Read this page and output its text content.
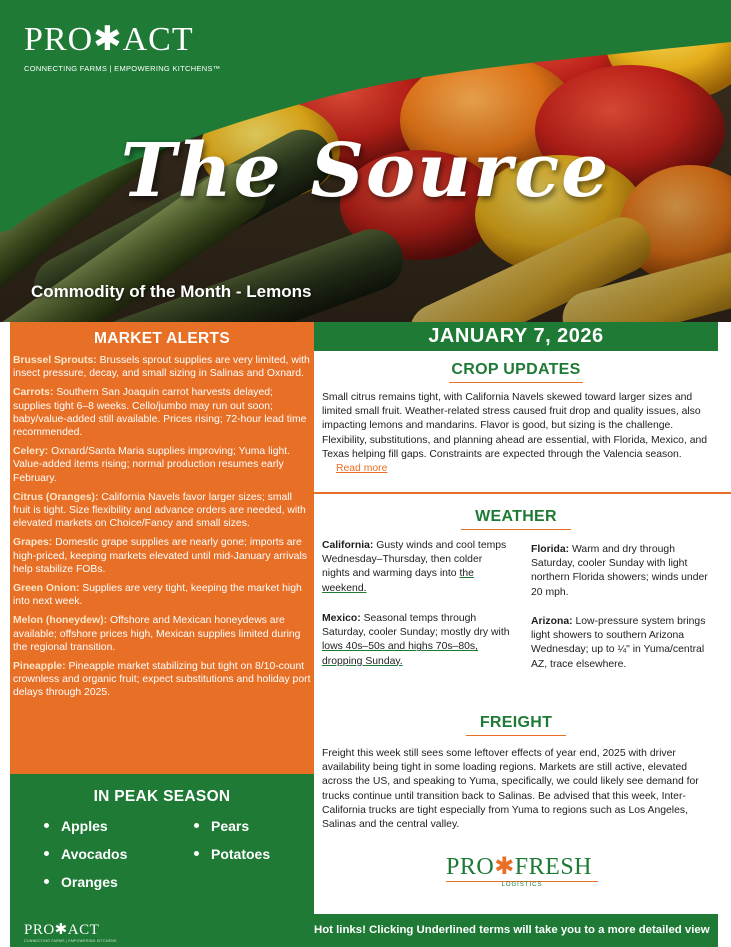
PRO✱ACT
CONNECTING FARMS | EMPOWERING KITCHENS™
The Source
Commodity of the Month - Lemons
MARKET ALERTS
Brussel Sprouts: Brussels sprout supplies are very limited, with insect pressure, decay, and small sizing in Salinas and Oxnard.
Carrots: Southern San Joaquin carrot harvests delayed; supplies tight 6–8 weeks. Cello/jumbo may run out soon; baby/value-added still available. Prices rising; 72-hour lead time recommended.
Celery: Oxnard/Santa Maria supplies improving; Yuma light. Value-added items rising; normal production resumes early February.
Citrus (Oranges): California Navels favor larger sizes; small fruit is tight. Size flexibility and advance orders are needed, with elevated markets on Choice/Fancy and small sizes.
Grapes: Domestic grape supplies are nearly gone; imports are high-priced, keeping markets elevated until mid-January arrivals help stabilize FOBs.
Green Onion: Supplies are very tight, keeping the market high into next week.
Melon (honeydew): Offshore and Mexican honeydews are available; offshore prices high, Mexican supplies limited during the regional transition.
Pineapple: Pineapple market stabilizing but tight on 8/10-count crownless and organic fruit; expect substitutions and holiday port delays through 2025.
IN PEAK SEASON
Apples
Avocados
Oranges
Pears
Potatoes
JANUARY 7, 2026
CROP UPDATES
Small citrus remains tight, with California Navels skewed toward larger sizes and limited small fruit. Weather-related stress caused fruit drop and quality issues, also impacting lemons and mandarins. Flavor is good, but sizing is the challenge. Flexibility, substitutions, and planning ahead are essential, with Florida, Mexico, and Texas helping fill gaps. Constraints are expected through the Valencia season. Read more
WEATHER
California: Gusty winds and cool temps Wednesday–Thursday, then colder nights and warming days into the weekend.
Mexico: Seasonal temps through Saturday, cooler Sunday; mostly dry with lows 40s–50s and highs 70s–80s, dropping Sunday.
Florida: Warm and dry through Saturday, cooler Sunday with light northern Florida showers; winds under 20 mph.
Arizona: Low-pressure system brings light showers to southern Arizona Wednesday; up to ¼" in Yuma/central AZ, trace elsewhere.
FREIGHT
Freight this week still sees some leftover effects of year end, 2025 with driver availability being tight in some loading regions. Markets are still active, elevated across the US, and speaking to Yuma, specifically, we could likely see demand for trucks continue until transition back to Salinas. Be advised that this week, Inter-California trucks are tight especially from Yuma to regions such as Los Angeles, Salinas and the central valley.
PRO✱FRESH
LOGISTICS
PRO✱ACT
CONNECTING FARMS | EMPOWERING KITCHENS
Hot links! Clicking Underlined terms will take you to a more detailed view
